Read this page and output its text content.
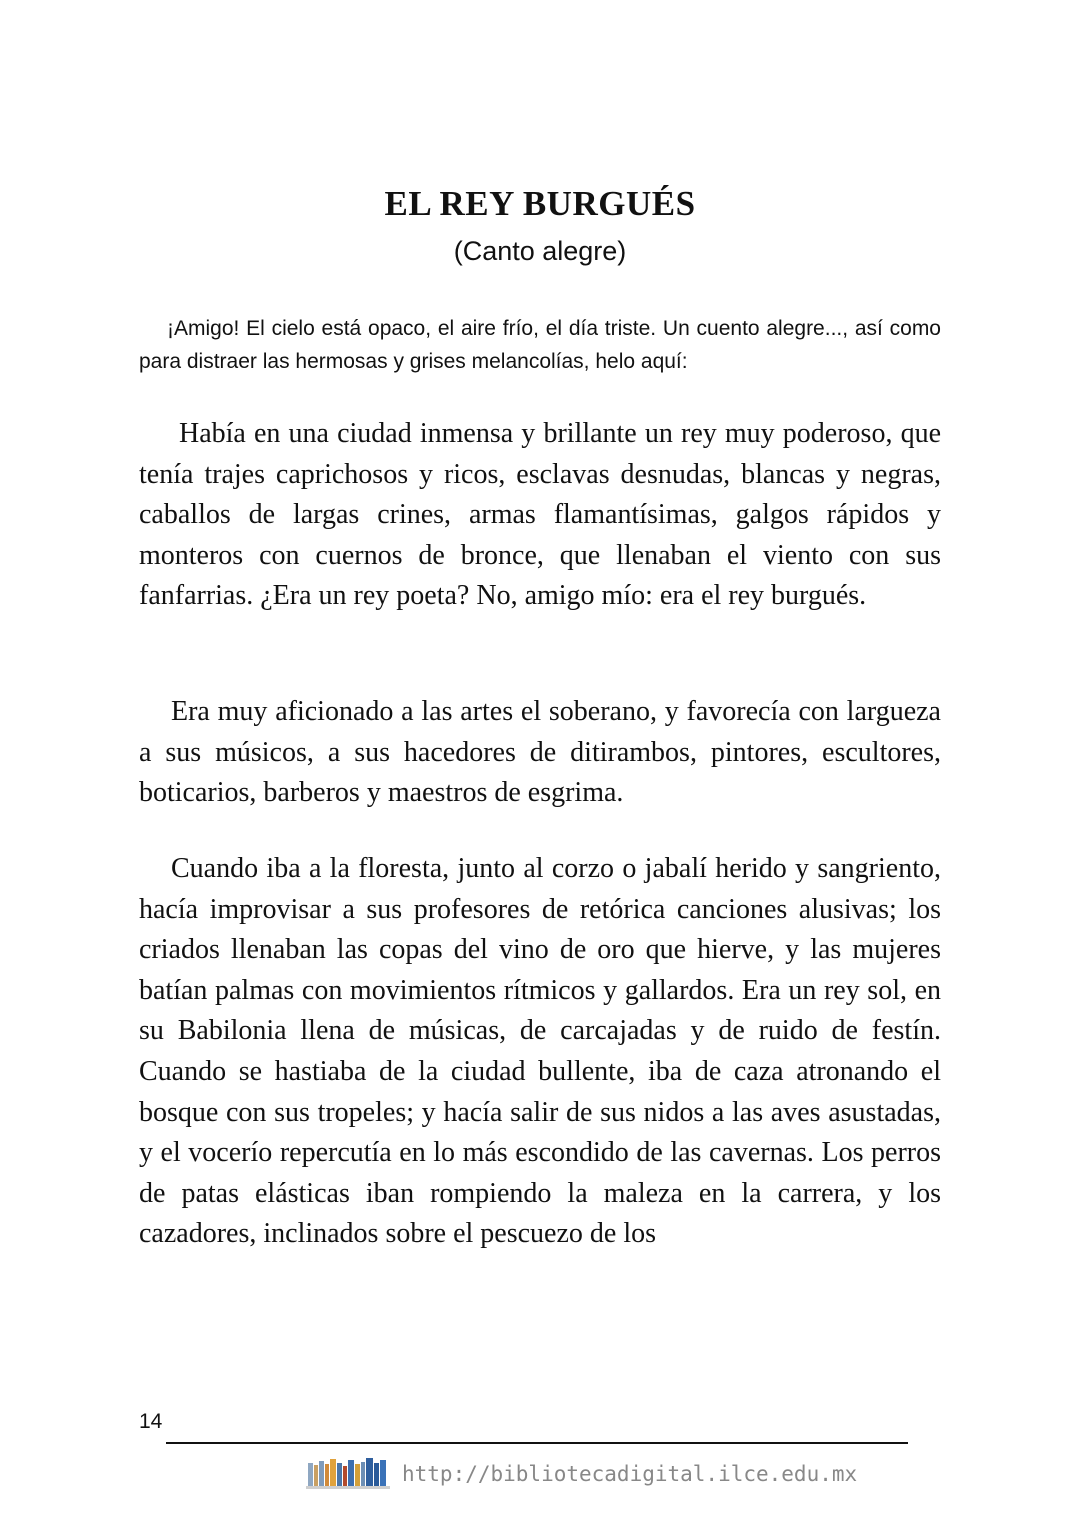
EL REY BURGUÉS
(Canto alegre)

¡Amigo! El cielo está opaco, el aire frío, el día triste. Un cuento alegre..., así como para distraer las hermosas y grises melancolías, helo aquí:

Había en una ciudad inmensa y brillante un rey muy poderoso, que tenía trajes caprichosos y ricos, esclavas desnudas, blancas y negras, caballos de largas crines, armas flamantísimas, galgos rápidos y monteros con cuernos de bronce, que llenaban el viento con sus fanfarrias. ¿Era un rey poeta? No, amigo mío: era el rey burgués.

Era muy aficionado a las artes el soberano, y favorecía con largueza a sus músicos, a sus hacedores de ditirambos, pintores, escultores, boticarios, barberos y maestros de esgrima.

Cuando iba a la floresta, junto al corzo o jabalí herido y sangriento, hacía improvisar a sus profesores de retórica canciones alusivas; los criados llenaban las copas del vino de oro que hierve, y las mujeres batían palmas con movimientos rítmicos y gallardos. Era un rey sol, en su Babilonia llena de músicas, de carcajadas y de ruido de festín. Cuando se hastiaba de la ciudad bullente, iba de caza atronando el bosque con sus tropeles; y hacía salir de sus nidos a las aves asustadas, y el vocerío repercutía en lo más escondido de las cavernas. Los perros de patas elásticas iban rompiendo la maleza en la carrera, y los cazadores, inclinados sobre el pescuezo de los

14
http://bibliotecadigital.ilce.edu.mx
